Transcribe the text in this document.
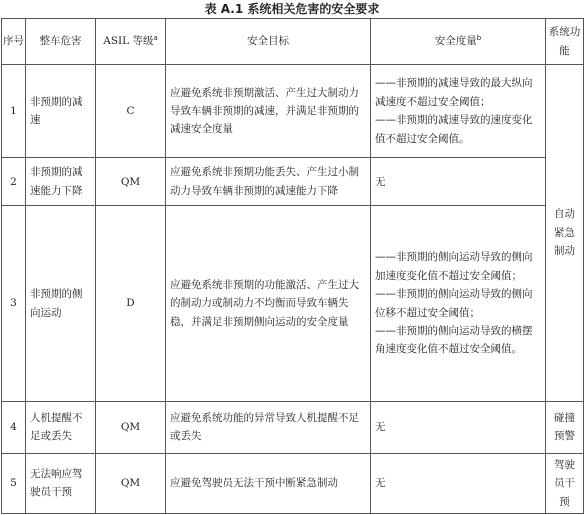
表 A.1 系统相关危害的安全要求
序号	整车危害	ASIL 等级$^a$	安全目标	安全度量$^b$	系统功能
1	非预期的减速	C	应避免系统非预期激活、产生过大制动力导致车辆非预期的减速，并满足非预期的减速安全度量	——非预期的减速导致的最大纵向减速度不超过安全阈值；
——非预期的减速导致的速度变化值不超过安全阈值。	自动紧急制动
2	非预期的减速能力下降	QM	应避免系统非预期功能丢失、产生过小制动力导致车辆非预期的减速能力下降	无	

3	非预期的侧向运动	D	应避免系统非预期的功能激活、产生过大的制动力或制动力不均衡而导致车辆失稳，并满足非预期侧向运动的安全度量	——非预期的侧向运动导致的侧向加速度变化值不超过安全阈值；
——非预期的侧向运动导致的侧向位移不超过安全阈值；
——非预期的侧向运动导致的横摆角速度变化值不超过安全阈值。	

4	人机提醒不足或丢失	QM	应避免系统功能的异常导致人机提醒不足或丢失	无	碰撞预警
5	无法响应驾驶员干预	QM	应避免驾驶员无法干预中断紧急制动	无	驾驶员干预
